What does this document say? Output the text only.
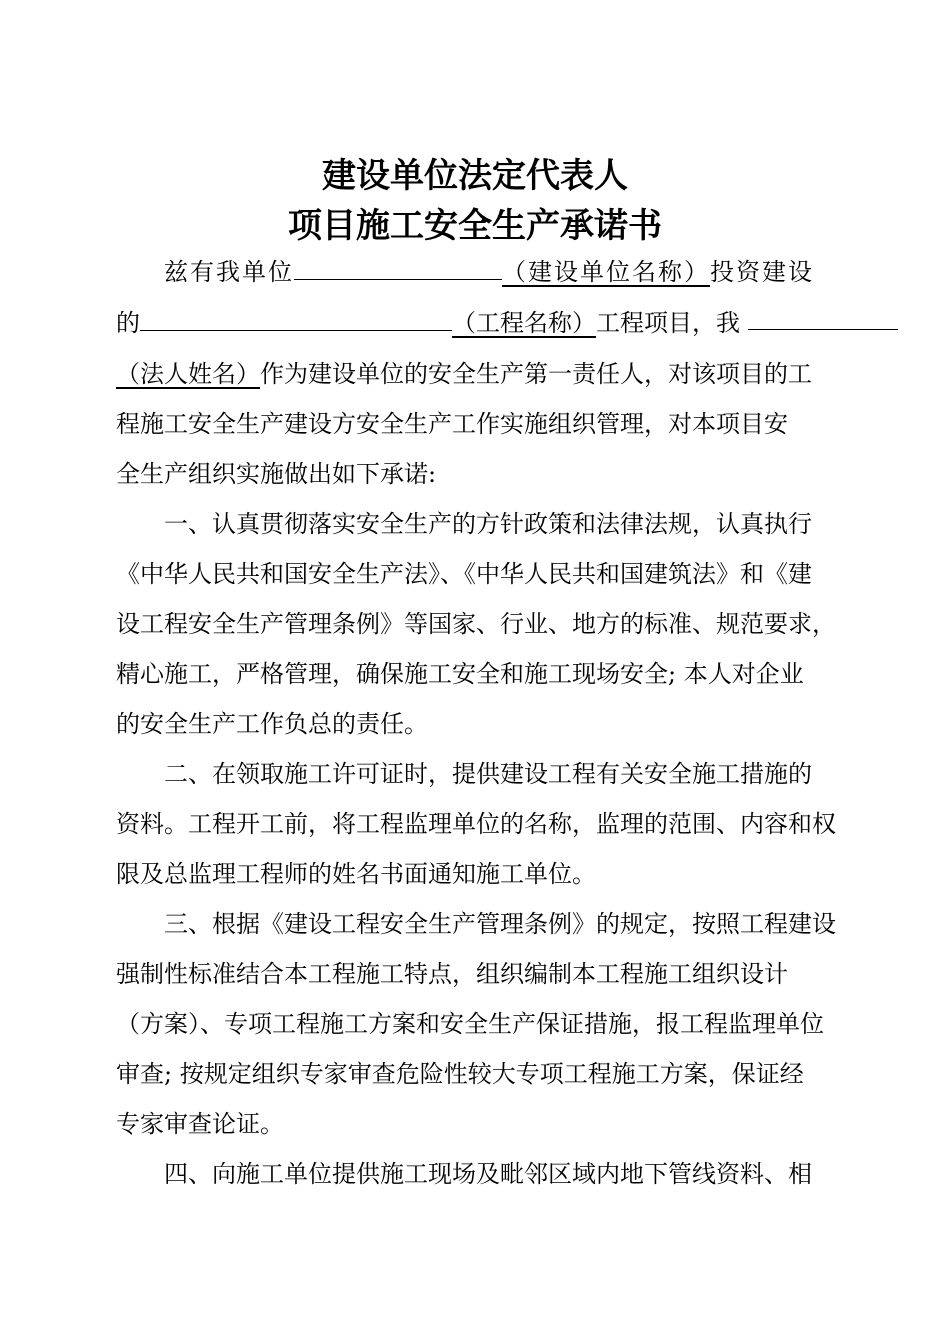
建设单位法定代表人
项目施工安全生产承诺书

兹有我单位	（建设单位名称）投资建设

的	（工程名称）工程项目，我

（法人姓名）作为建设单位的安全生产第一责任人，对该项目的工

程施工安全生产建设方安全生产工作实施组织管理，对本项目安

全生产组织实施做出如下承诺:

一、认真贯彻落实安全生产的方针政策和法律法规，认真执行

《中华人民共和国安全生产法》、《中华人民共和国建筑法》和《建

设工程安全生产管理条例》等国家、行业、地方的标准、规范要求，

精心施工，严格管理，确保施工安全和施工现场安全; 本人对企业

的安全生产工作负总的责任。

二、在领取施工许可证时，提供建设工程有关安全施工措施的

资料。工程开工前，将工程监理单位的名称，监理的范围、内容和权

限及总监理工程师的姓名书面通知施工单位。

三、根据《建设工程安全生产管理条例》的规定，按照工程建设

强制性标准结合本工程施工特点，组织编制本工程施工组织设计

（方案）、专项工程施工方案和安全生产保证措施，报工程监理单位

审查; 按规定组织专家审查危险性较大专项工程施工方案，保证经

专家审查论证。

四、向施工单位提供施工现场及毗邻区域内地下管线资料、相
